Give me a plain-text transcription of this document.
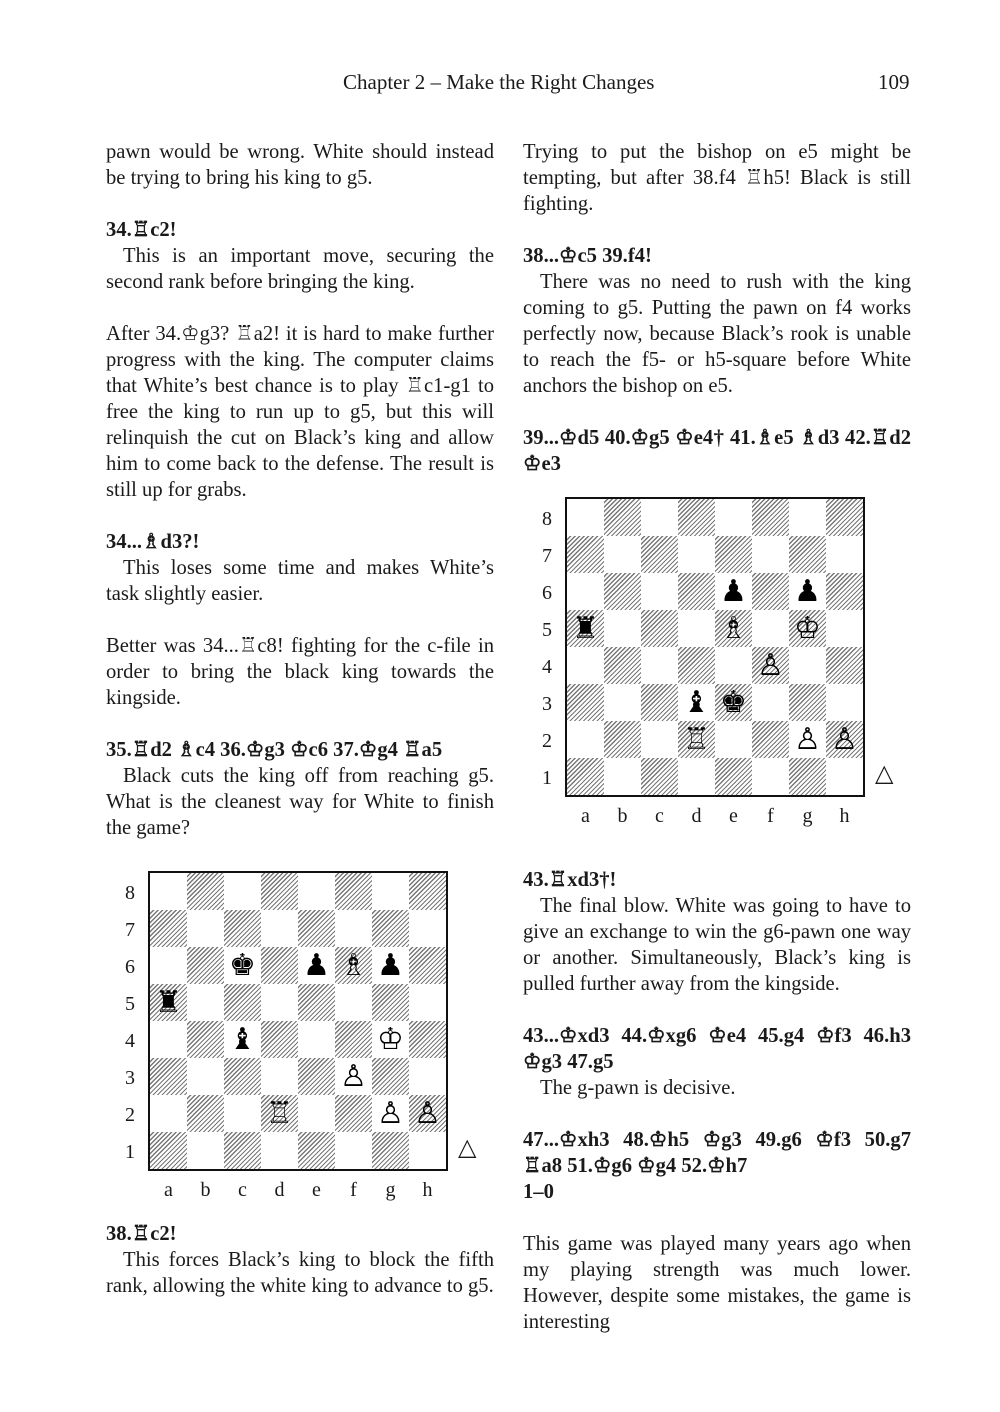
Chapter 2 – Make the Right Changes	109

pawn would be wrong. White should instead be trying to bring his king to g5.

34.♖c2!

This is an important move, securing the second rank before bringing the king.

After 34.♔g3? ♖a2! it is hard to make further progress with the king. The computer claims that White’s best chance is to play ♖c1-g1 to free the king to run up to g5, but this will relinquish the cut on Black’s king and allow him to come back to the defense. The result is still up for grabs.

34...♗d3?!

This loses some time and makes White’s task slightly easier.

Better was 34...♖c8! fighting for the c-file in order to bring the black king towards the kingside.

35.♖d2 ♗c4 36.♔g3 ♔c6 37.♔g4 ♖a5

Black cuts the king off from reaching g5. What is the cleanest way for White to finish the game?

♚ ♟ ♗ ♟
♜
♝	♔
♙
♖	♙ ♙
8
7
6
5
4
3
2
1
a	b	c	d	e	f	g	h
△

38.♖c2!

This forces Black’s king to block the fifth rank, allowing the white king to advance to g5.

Trying to put the bishop on e5 might be tempting, but after 38.f4 ♖h5! Black is still fighting.

38...♔c5 39.f4!

There was no need to rush with the king coming to g5. Putting the pawn on f4 works perfectly now, because Black’s rook is unable to reach the f5- or h5-square before White anchors the bishop on e5.

39...♔d5 40.♔g5 ♔e4† 41.♗e5 ♗d3 42.♖d2 ♔e3

♟ ♟
♜	♗ ♔
♙
♝ ♚
♖	♙ ♙
8
7
6
5
4
3
2
1
a	b	c	d	e	f	g	h
△

43.♖xd3†!

The final blow. White was going to have to give an exchange to win the g6-pawn one way or another. Simultaneously, Black’s king is pulled further away from the kingside.

43...♔xd3 44.♔xg6 ♔e4 45.g4 ♔f3 46.h3 ♔g3 47.g5

The g-pawn is decisive.

47...♔xh3 48.♔h5 ♔g3 49.g6 ♔f3 50.g7 ♖a8 51.♔g6 ♔g4 52.♔h7

1–0

This game was played many years ago when my playing strength was much lower. However, despite some mistakes, the game is interesting
